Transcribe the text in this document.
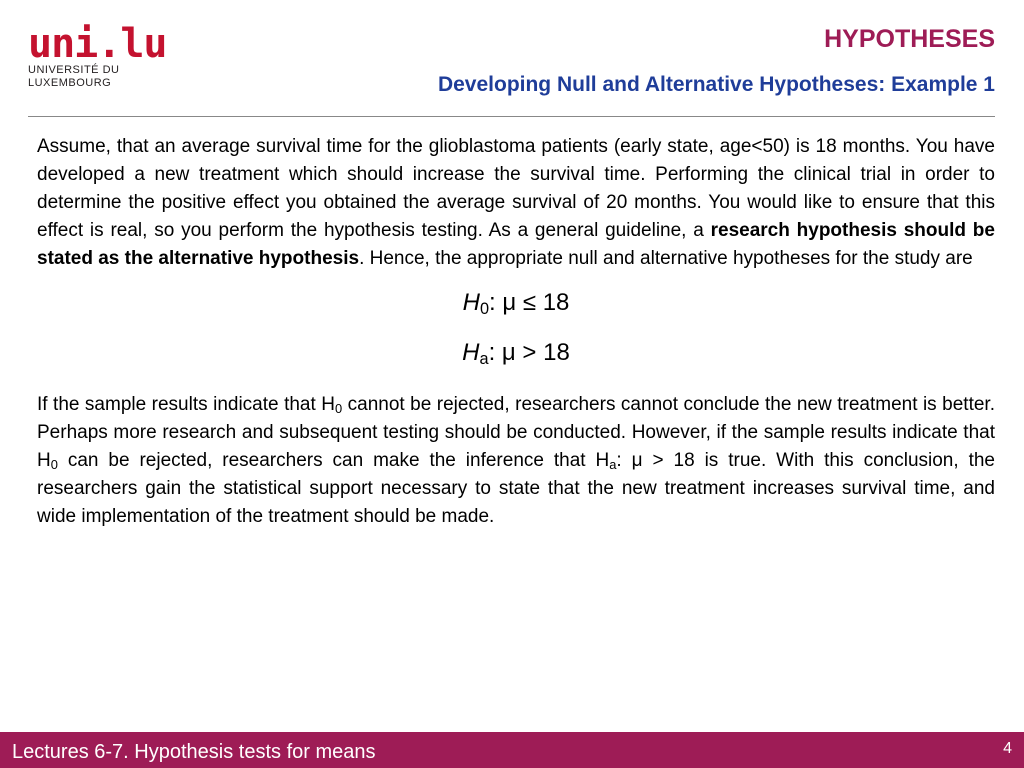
uni.lu
UNIVERSITÉ DU
LUXEMBOURG
HYPOTHESES
Developing Null and Alternative Hypotheses: Example 1

Assume, that an average survival time for the glioblastoma patients (early state, age<50) is 18 months. You have developed a new treatment which should increase the survival time. Performing the clinical trial in order to determine the positive effect you obtained the average survival of 20 months. You would like to ensure that this effect is real, so you perform the hypothesis testing. As a general guideline, a research hypothesis should be stated as the alternative hypothesis. Hence, the appropriate null and alternative hypotheses for the study are

$H_0$: μ ≤ 18

$H_a$: μ > 18

If the sample results indicate that $H_0$ cannot be rejected, researchers cannot conclude the new treatment is better. Perhaps more research and subsequent testing should be conducted. However, if the sample results indicate that $H_0$ can be rejected, researchers can make the inference that $H_a$: μ > 18 is true. With this conclusion, the researchers gain the statistical support necessary to state that the new treatment increases survival time, and wide implementation of the treatment should be made.

Lectures 6-7. Hypothesis tests for means	4
